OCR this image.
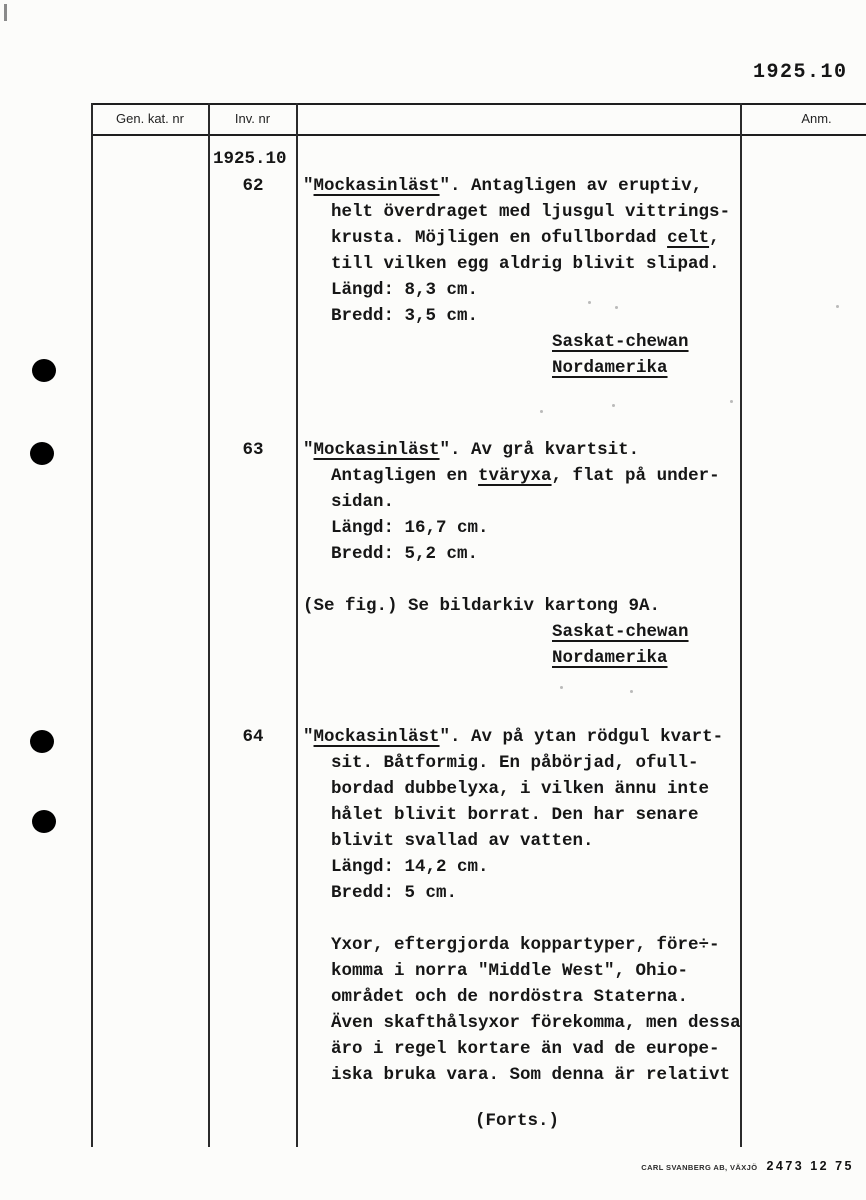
1925.10
Gen. kat. nr	Inv. nr	Anm.
1925.10
62
63
64
"Mockasinläst". Antagligen av eruptiv,
helt överdraget med ljusgul vittrings-
krusta. Möjligen en ofullbordad celt,
till vilken egg aldrig blivit slipad.
Längd: 8,3 cm.
Bredd: 3,5 cm.
Saskat-chewan
Nordamerika
"Mockasinläst". Av grå kvartsit.
Antagligen en tväryxa, flat på under-
sidan.
Längd: 16,7 cm.
Bredd: 5,2 cm.

(Se fig.) Se bildarkiv kartong 9A.
Saskat-chewan
Nordamerika
"Mockasinläst". Av på ytan rödgul kvart-
sit. Båtformig. En påbörjad, ofull-
bordad dubbelyxa, i vilken ännu inte
hålet blivit borrat. Den har senare
blivit svallad av vatten.
Längd: 14,2 cm.
Bredd: 5 cm.

Yxor, eftergjorda koppartyper, före÷-
komma i norra "Middle West", Ohio-
området och de nordöstra Staterna.
Även skafthålsyxor förekomma, men dessa
äro i regel kortare än vad de europe-
iska bruka vara. Som denna är relativt
(Forts.)
CARL SVANBERG AB, VÄXJÖ 2473 12 75
